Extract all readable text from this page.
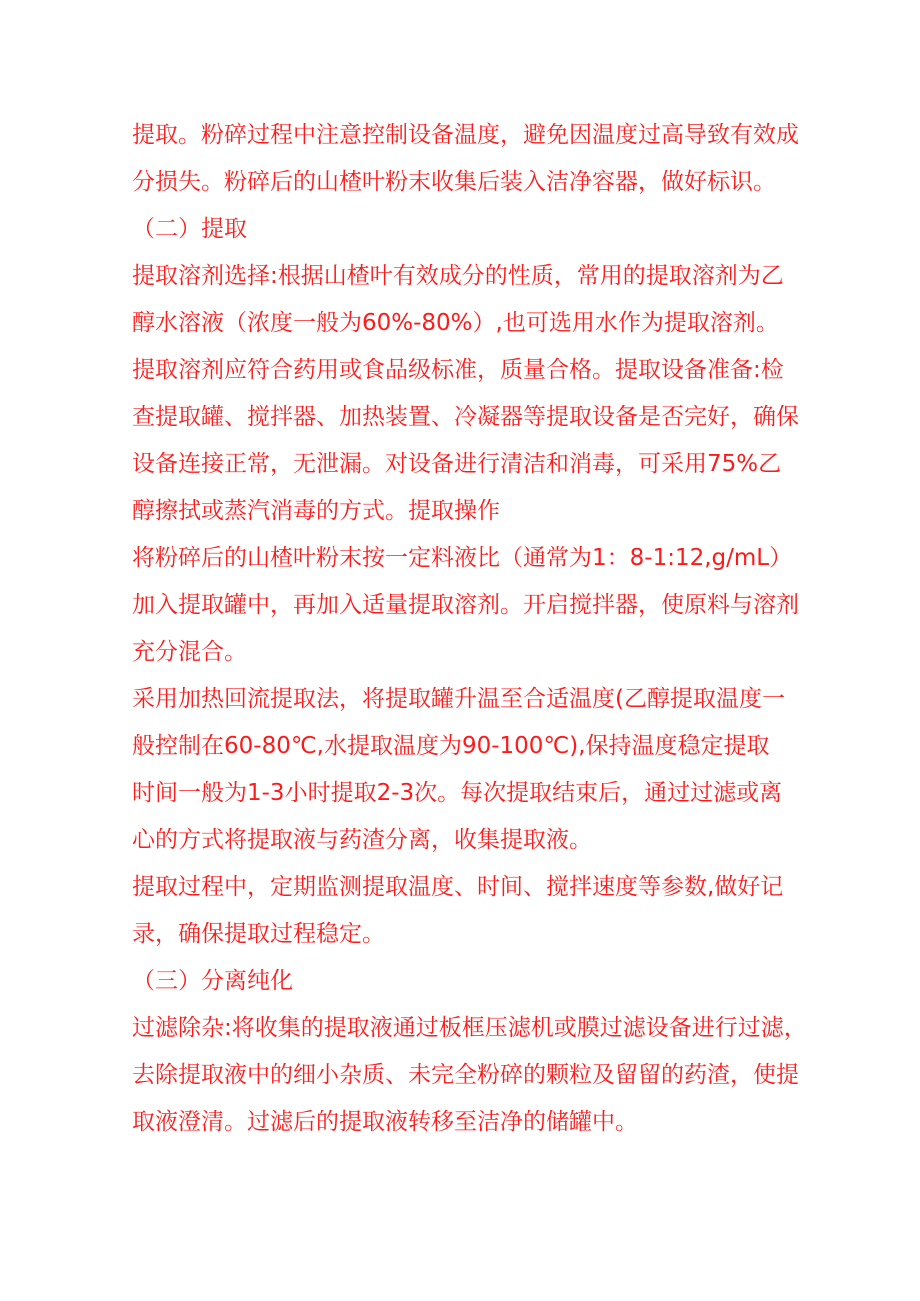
提取。粉碎过程中注意控制设备温度，避免因温度过高导致有效成
分损失。粉碎后的山楂叶粉末收集后装入洁净容器，做好标识。
（二）提取
提取溶剂选择:根据山楂叶有效成分的性质，常用的提取溶剂为乙
醇水溶液（浓度一般为60%-80%）,也可选用水作为提取溶剂。
提取溶剂应符合药用或食品级标准，质量合格。提取设备准备:检
查提取罐、搅拌器、加热装置、冷凝器等提取设备是否完好，确保
设备连接正常，无泄漏。对设备进行清洁和消毒，可采用75%乙
醇擦拭或蒸汽消毒的方式。提取操作
将粉碎后的山楂叶粉末按一定料液比（通常为1：8-1:12,g/mL）
加入提取罐中，再加入适量提取溶剂。开启搅拌器，使原料与溶剂
充分混合。
采用加热回流提取法，将提取罐升温至合适温度(乙醇提取温度一
般控制在60-80℃,水提取温度为90-100℃),保持温度稳定提取
时间一般为1-3小时提取2-3次。每次提取结束后，通过过滤或离
心的方式将提取液与药渣分离，收集提取液。
提取过程中，定期监测提取温度、时间、搅拌速度等参数,做好记
录，确保提取过程稳定。
（三）分离纯化
过滤除杂:将收集的提取液通过板框压滤机或膜过滤设备进行过滤，
去除提取液中的细小杂质、未完全粉碎的颗粒及留留的药渣，使提
取液澄清。过滤后的提取液转移至洁净的储罐中。
